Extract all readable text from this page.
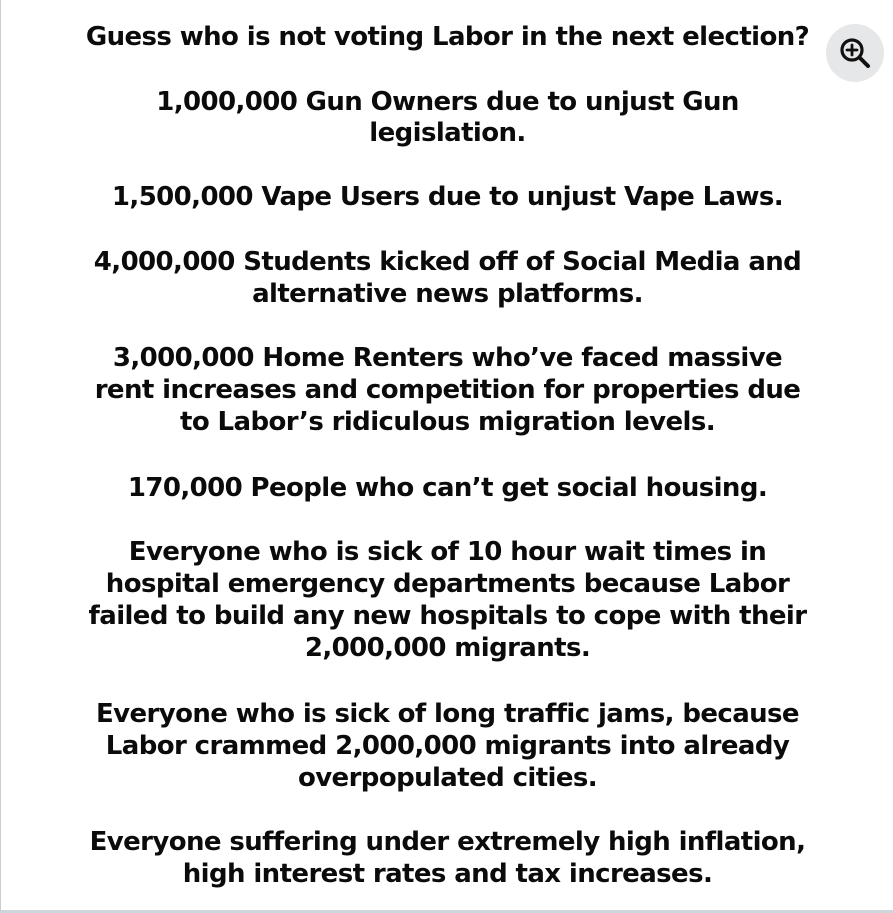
Guess who is not voting Labor in the next election?
1,000,000 Gun Owners due to unjust Gun
legislation.
1,500,000 Vape Users due to unjust Vape Laws.
4,000,000 Students kicked off of Social Media and
alternative news platforms.
3,000,000 Home Renters who’ve faced massive
rent increases and competition for properties due
to Labor’s ridiculous migration levels.
170,000 People who can’t get social housing.
Everyone who is sick of 10 hour wait times in
hospital emergency departments because Labor
failed to build any new hospitals to cope with their
2,000,000 migrants.
Everyone who is sick of long traffic jams, because
Labor crammed 2,000,000 migrants into already
overpopulated cities.
Everyone suffering under extremely high inflation,
high interest rates and tax increases.
